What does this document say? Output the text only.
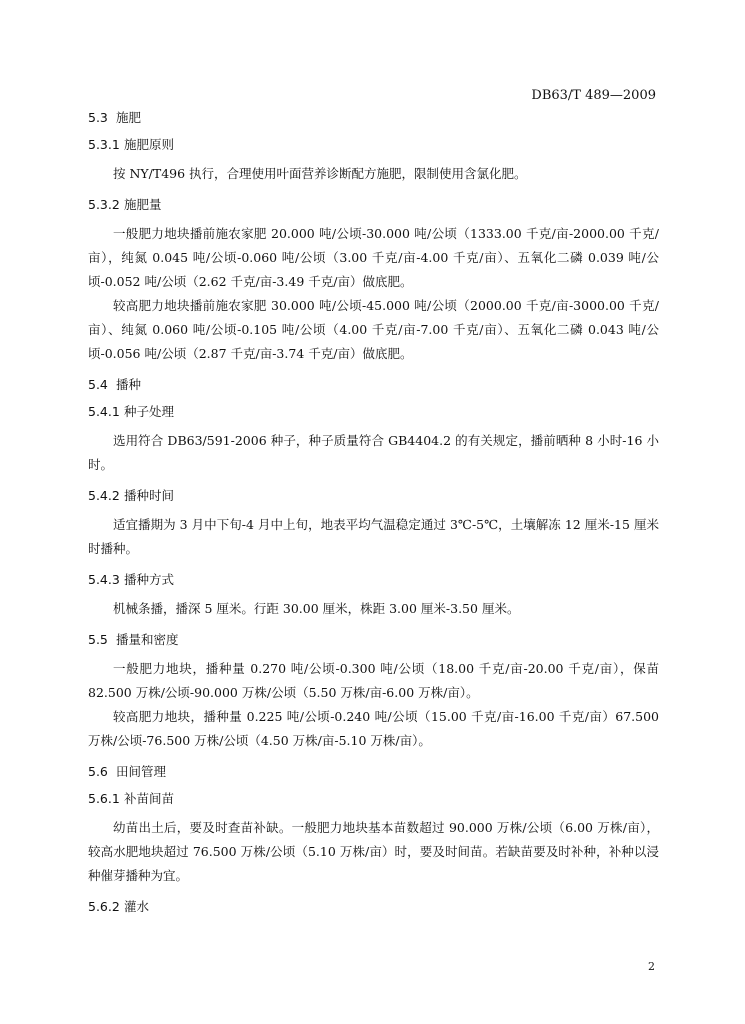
DB63/T 489—2009
5.3 施肥
5.3.1 施肥原则

按 NY/T496 执行，合理使用叶面营养诊断配方施肥，限制使用含氯化肥。

5.3.2 施肥量

一般肥力地块播前施农家肥 20.000 吨/公顷-30.000 吨/公顷（1333.00 千克/亩-2000.00 千克/亩），纯氮 0.045 吨/公顷-0.060 吨/公顷（3.00 千克/亩-4.00 千克/亩）、五氧化二磷 0.039 吨/公顷-0.052 吨/公顷（2.62 千克/亩-3.49 千克/亩）做底肥。

较高肥力地块播前施农家肥 30.000 吨/公顷-45.000 吨/公顷（2000.00 千克/亩-3000.00 千克/亩）、纯氮 0.060 吨/公顷-0.105 吨/公顷（4.00 千克/亩-7.00 千克/亩）、五氧化二磷 0.043 吨/公顷-0.056 吨/公顷（2.87 千克/亩-3.74 千克/亩）做底肥。

5.4 播种
5.4.1 种子处理

选用符合 DB63/591-2006 种子，种子质量符合 GB4404.2 的有关规定，播前晒种 8 小时-16 小时。

5.4.2 播种时间

适宜播期为 3 月中下旬-4 月中上旬，地表平均气温稳定通过 3℃-5℃，土壤解冻 12 厘米-15 厘米时播种。

5.4.3 播种方式

机械条播，播深 5 厘米。行距 30.00 厘米，株距 3.00 厘米-3.50 厘米。

5.5 播量和密度

一般肥力地块，播种量 0.270 吨/公顷-0.300 吨/公顷（18.00 千克/亩-20.00 千克/亩），保苗 82.500 万株/公顷-90.000 万株/公顷（5.50 万株/亩-6.00 万株/亩）。

较高肥力地块，播种量 0.225 吨/公顷-0.240 吨/公顷（15.00 千克/亩-16.00 千克/亩）67.500 万株/公顷-76.500 万株/公顷（4.50 万株/亩-5.10 万株/亩）。

5.6 田间管理
5.6.1 补苗间苗

幼苗出土后，要及时查苗补缺。一般肥力地块基本苗数超过 90.000 万株/公顷（6.00 万株/亩），较高水肥地块超过 76.500 万株/公顷（5.10 万株/亩）时，要及时间苗。若缺苗要及时补种，补种以浸种催芽播种为宜。

5.6.2 灌水
2
